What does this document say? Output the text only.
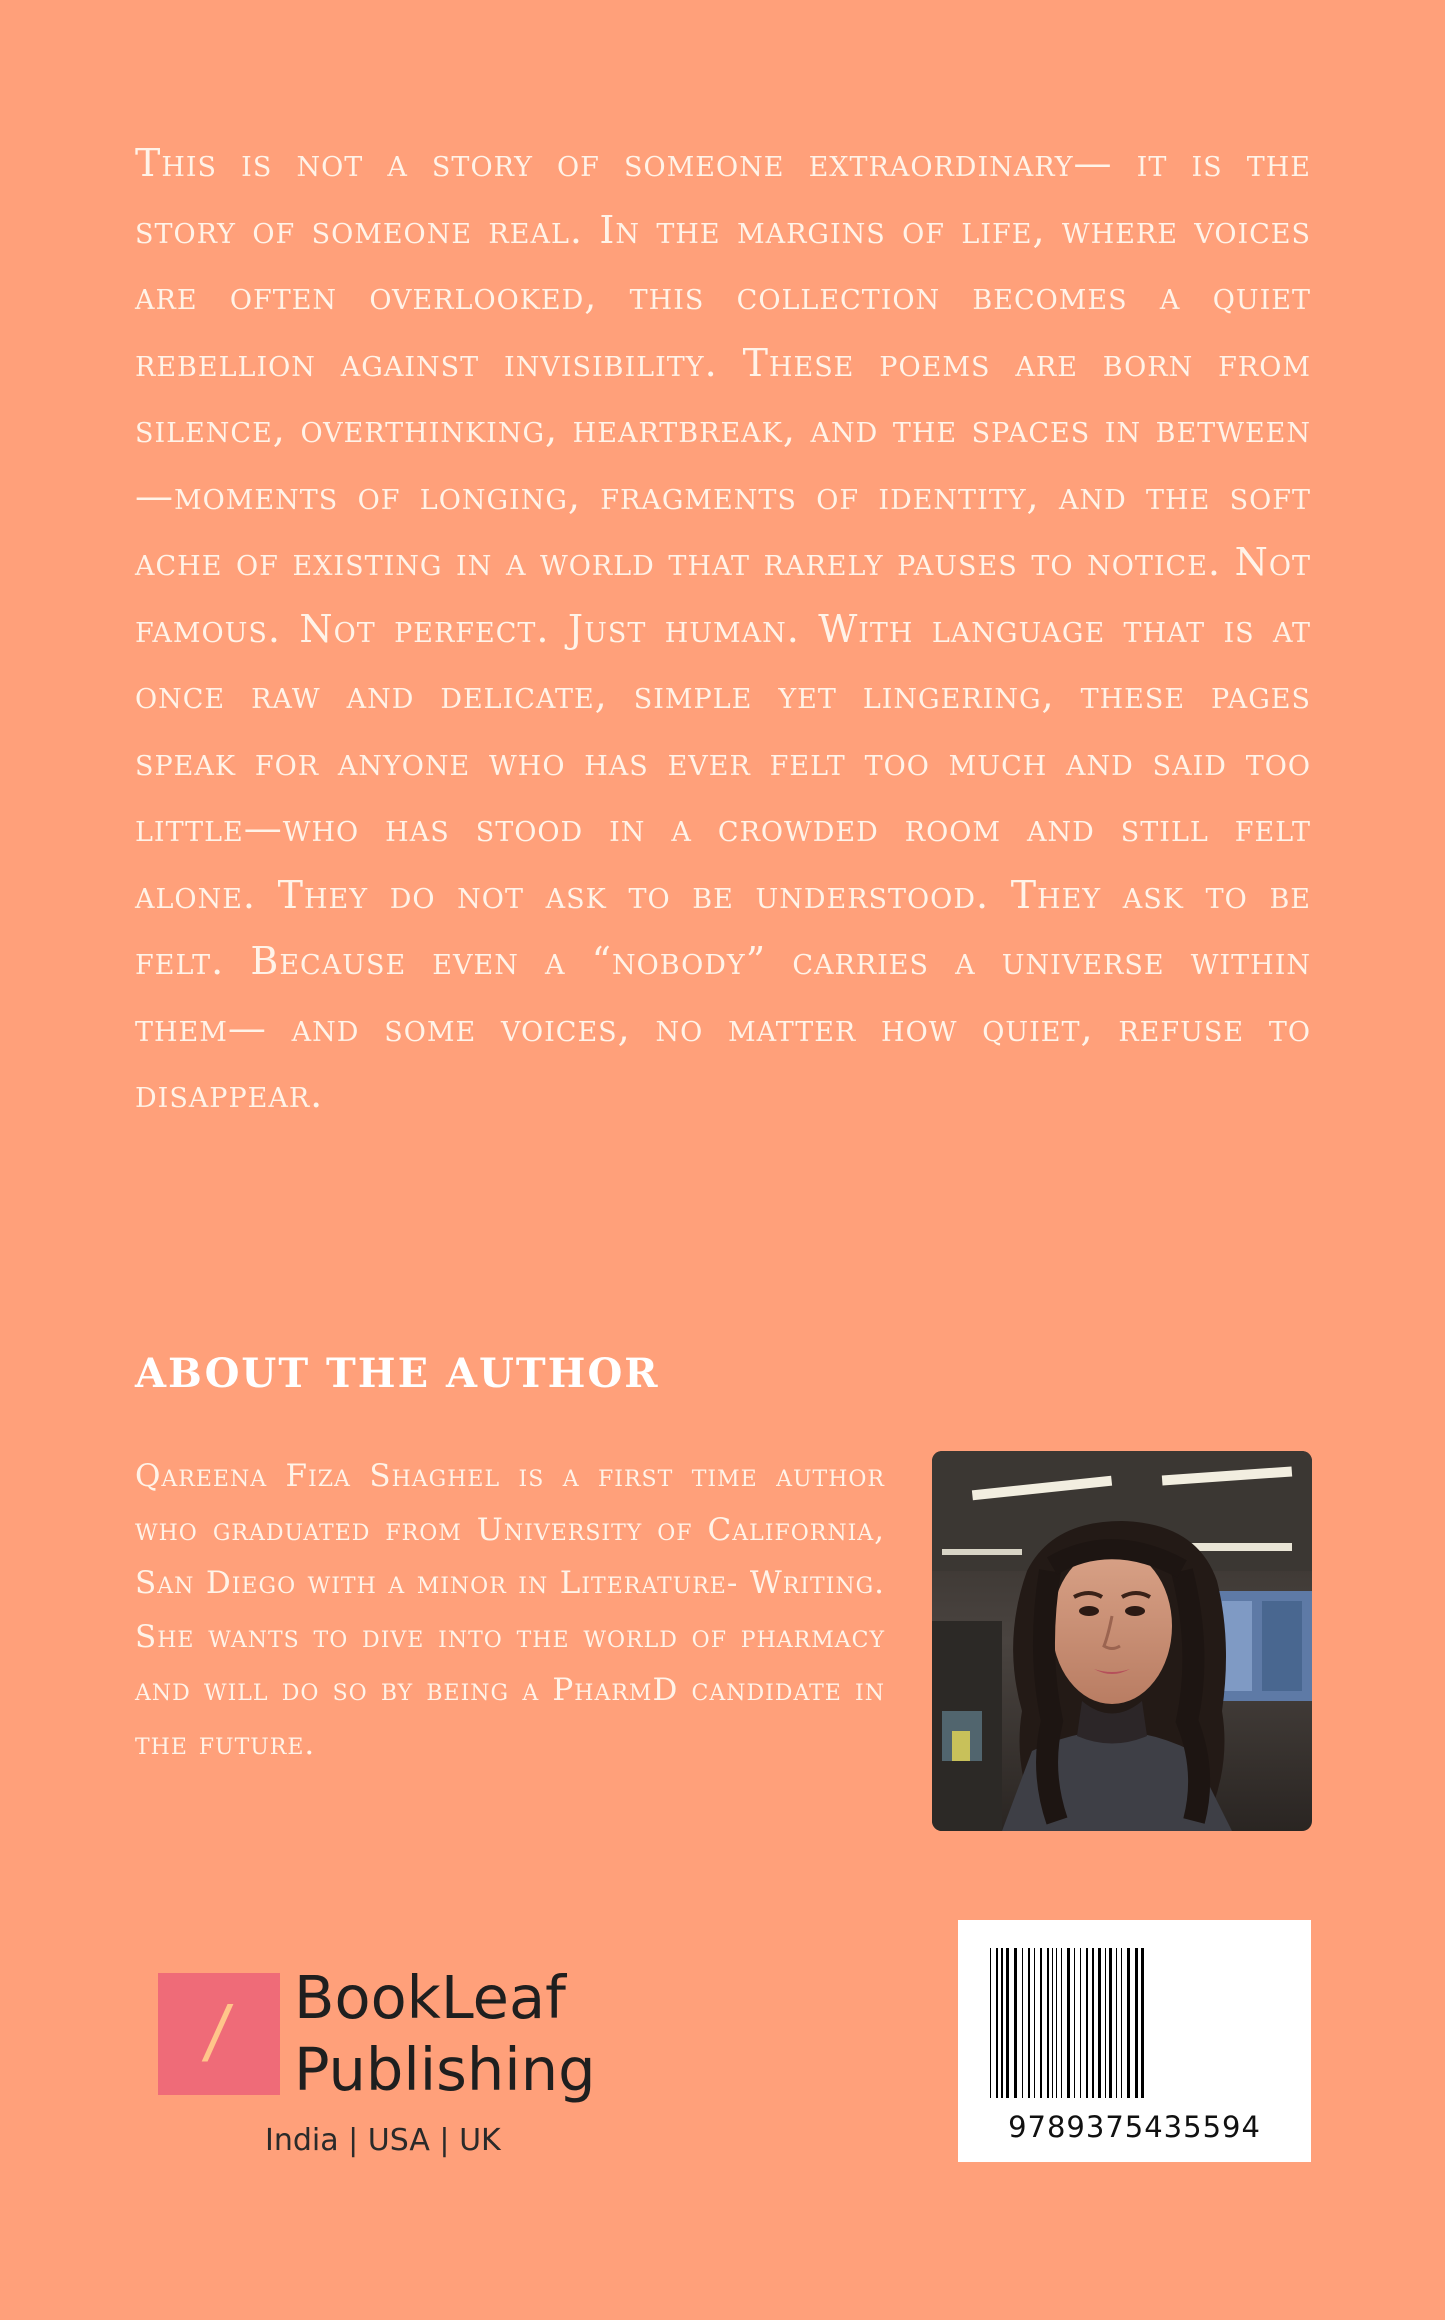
This is not a story of someone extraordinary— it is the story of someone real. In the margins of life, where voices are often overlooked, this collection becomes a quiet rebellion against invisibility. These poems are born from silence, overthinking, heartbreak, and the spaces in between—moments of longing, fragments of identity, and the soft ache of existing in a world that rarely pauses to notice. Not famous. Not perfect. Just human. With language that is at once raw and delicate, simple yet lingering, these pages speak for anyone who has ever felt too much and said too little—who has stood in a crowded room and still felt alone. They do not ask to be understood. They ask to be felt. Because even a “nobody” carries a universe within them— and some voices, no matter how quiet, refuse to disappear.

ABOUT THE AUTHOR

Qareena Fiza Shaghel is a first time author who graduated from University of California, San Diego with a minor in Literature- Writing. She wants to dive into the world of pharmacy and will do so by being a PharmD candidate in the future.

/ BookLeaf
Publishing
India | USA | UK	9789375435594
